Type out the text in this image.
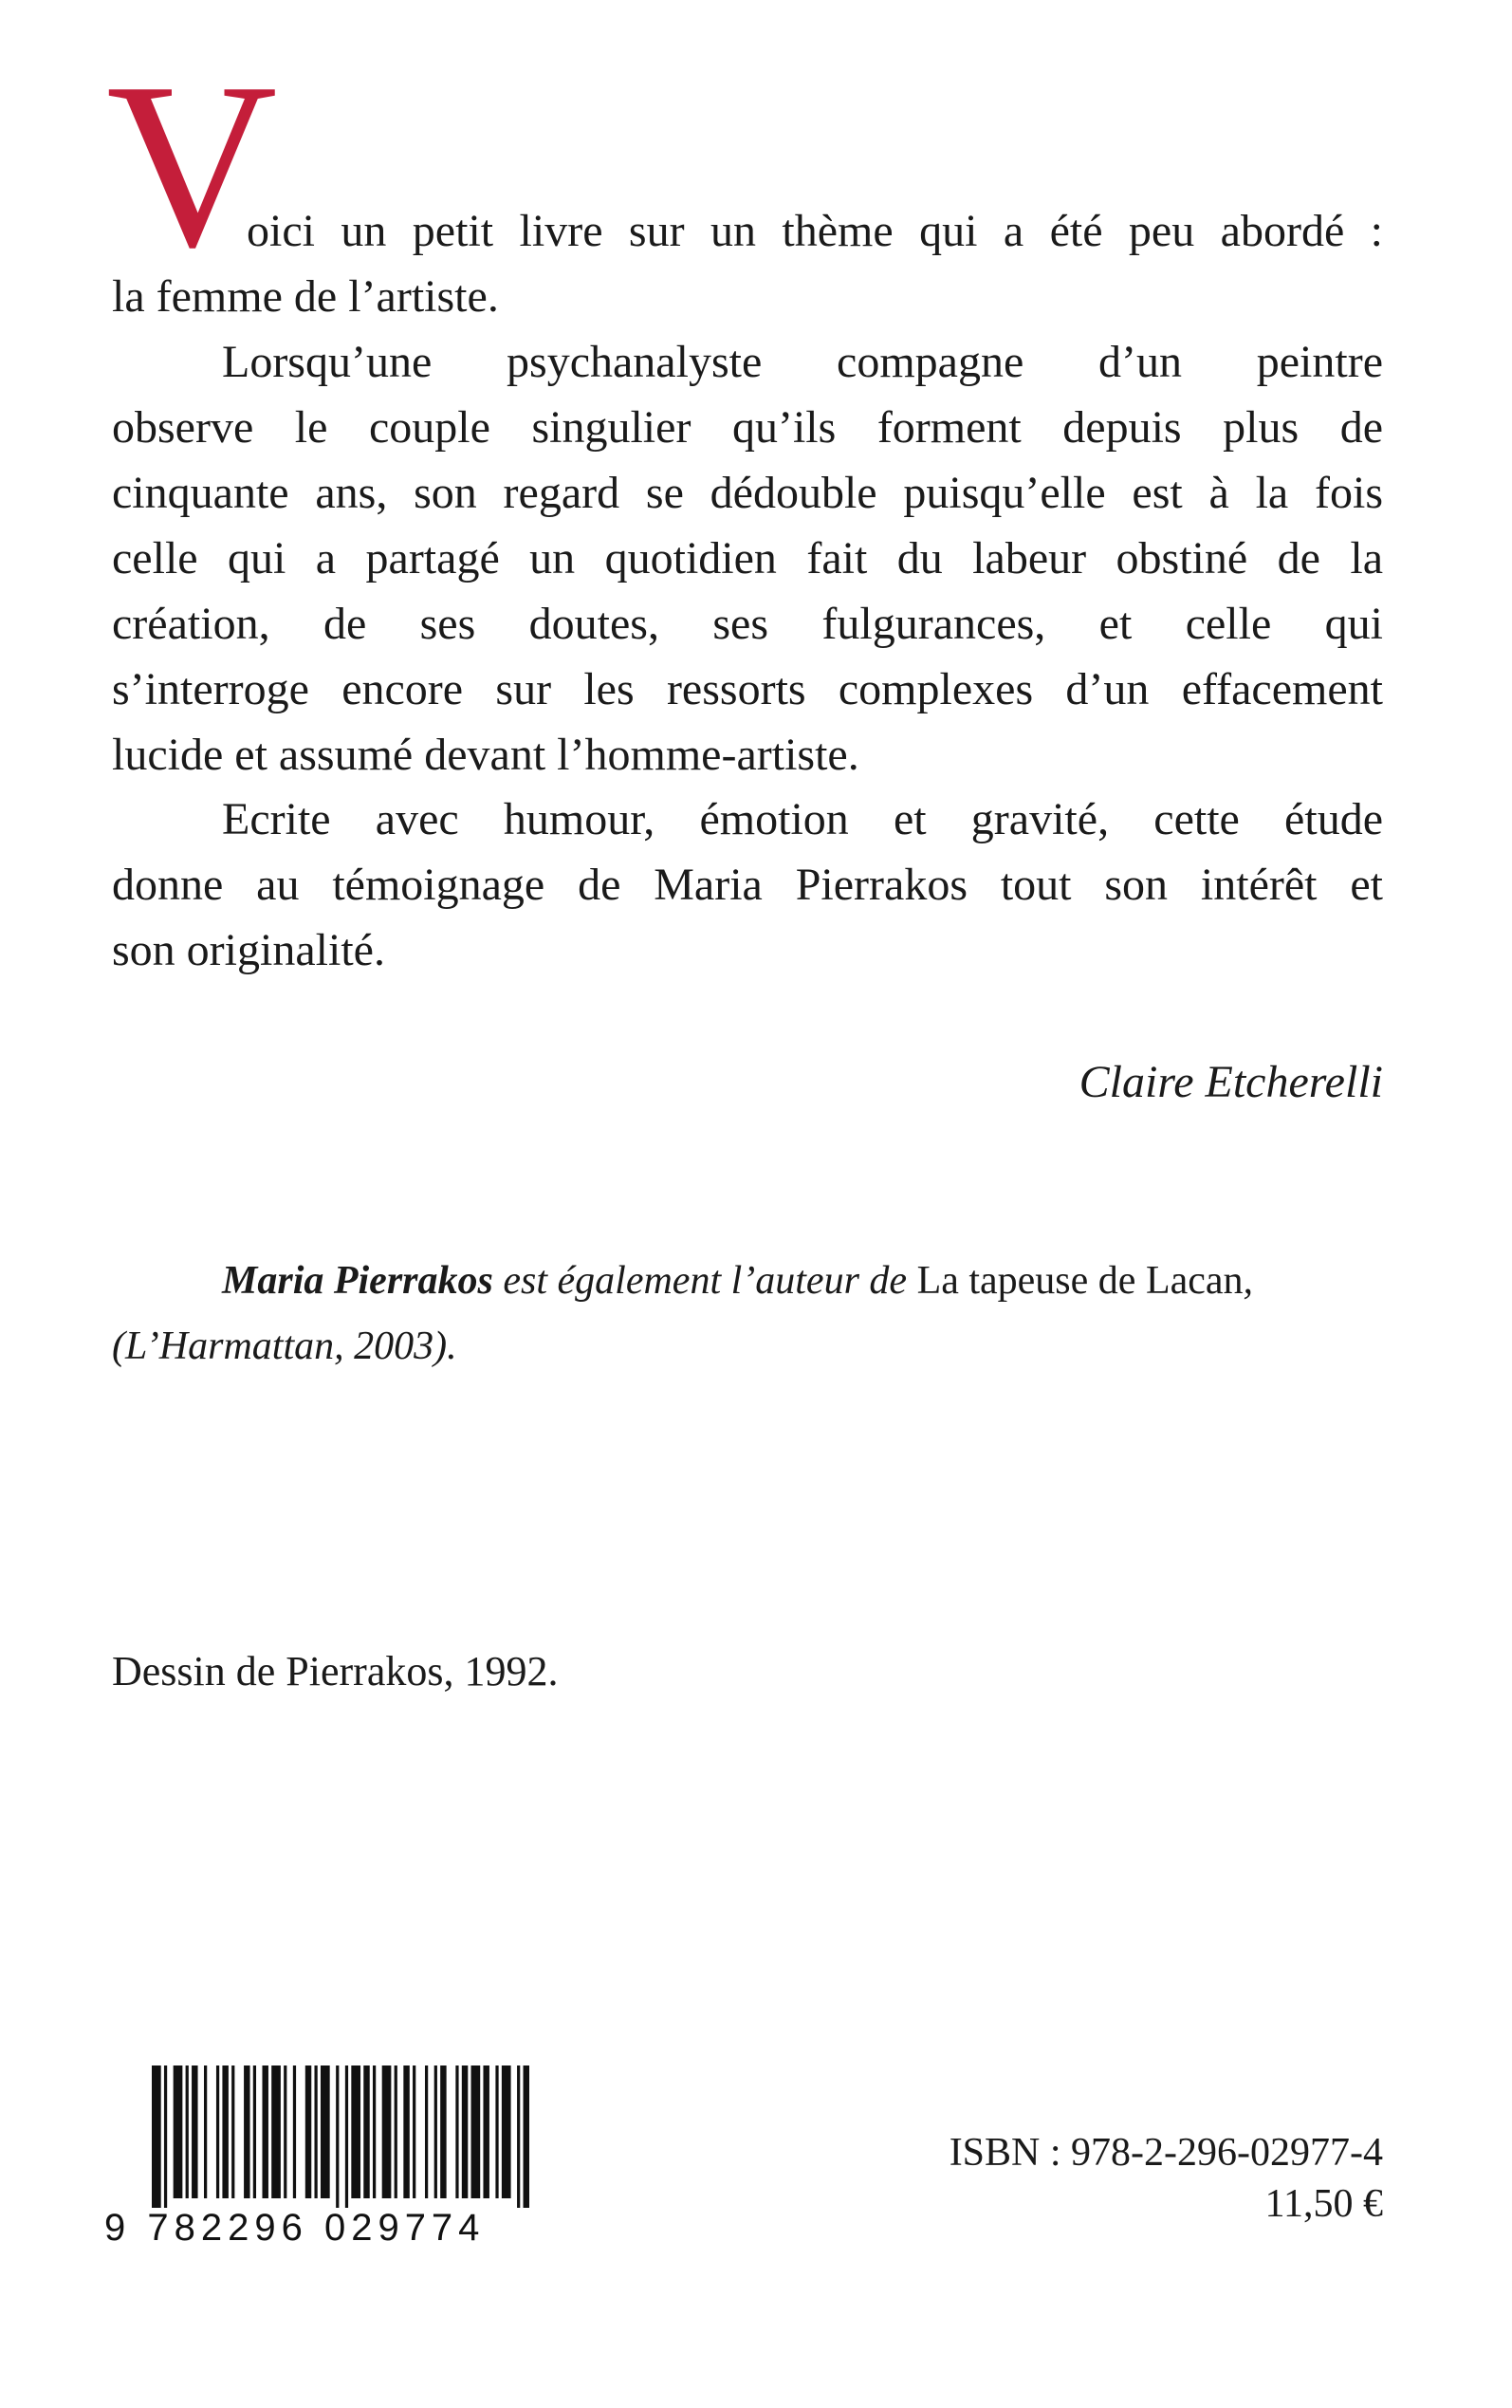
V
oici un petit livre sur un thème qui a été peu abordé :
la femme de l’artiste.
Lorsqu’une psychanalyste compagne d’un peintre
observe le couple singulier qu’ils forment depuis plus de
cinquante ans, son regard se dédouble puisqu’elle est à la fois
celle qui a partagé un quotidien fait du labeur obstiné de la
création, de ses doutes, ses fulgurances, et celle qui
s’interroge encore sur les ressorts complexes d’un effacement
lucide et assumé devant l’homme-artiste.
Ecrite avec humour, émotion et gravité, cette étude
donne au témoignage de Maria Pierrakos tout son intérêt et
son originalité.
Claire Etcherelli
Maria Pierrakos est également l’auteur de La tapeuse de Lacan,
(L’Harmattan, 2003).
Dessin de Pierrakos, 1992.
9 782296 029774
ISBN : 978-2-296-02977-4
11,50 €
